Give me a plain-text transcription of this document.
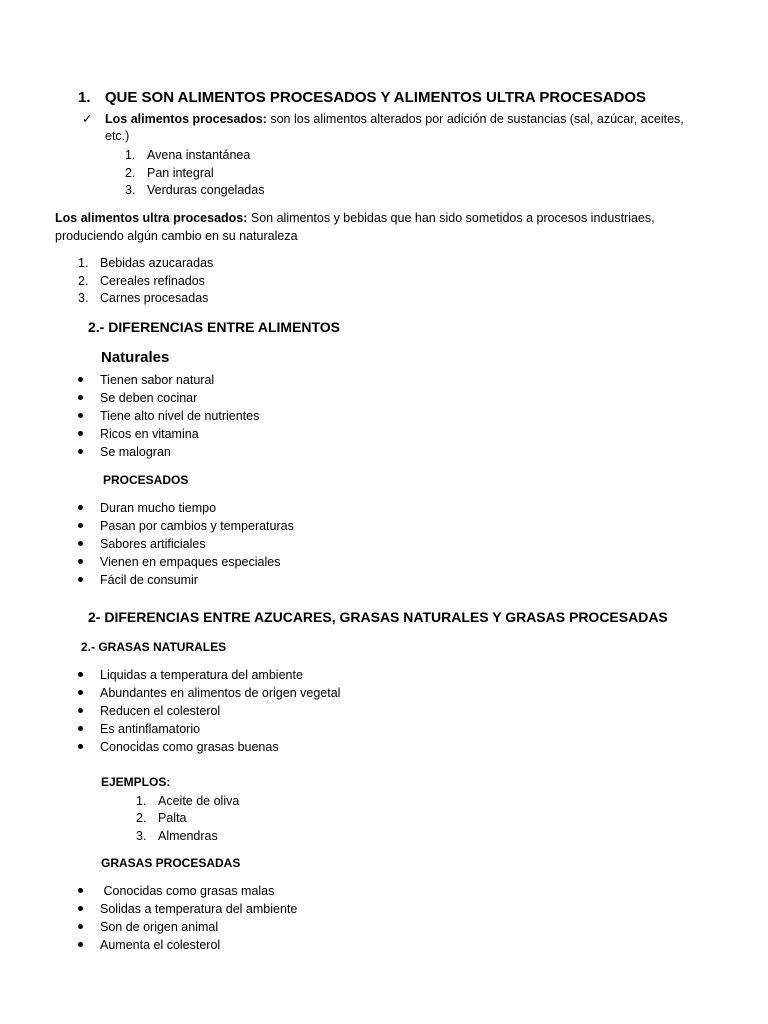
1. QUE SON ALIMENTOS PROCESADOS Y ALIMENTOS ULTRA PROCESADOS
✓ Los alimentos procesados: son los alimentos alterados por adición de sustancias (sal, azúcar, aceites,
etc.)
1. Avena instantánea
2. Pan integral
3. Verduras congeladas
Los alimentos ultra procesados: Son alimentos y bebidas que han sido sometidos a procesos industriaes,
produciendo algún cambio en su naturaleza
1. Bebidas azucaradas
2. Cereales refinados
3. Carnes procesadas
2.- DIFERENCIAS ENTRE ALIMENTOS
Naturales
Tienen sabor natural
Se deben cocinar
Tiene alto nivel de nutrientes
Ricos en vitamina
Se malogran
PROCESADOS
Duran mucho tiempo
Pasan por cambios y temperaturas
Sabores artificiales
Vienen en empaques especiales
Fácil de consumir
2- DIFERENCIAS ENTRE AZUCARES, GRASAS NATURALES Y GRASAS PROCESADAS
2.- GRASAS NATURALES
Liquidas a temperatura del ambiente
Abundantes en alimentos de origen vegetal
Reducen el colesterol
Es antinflamatorio
Conocidas como grasas buenas
EJEMPLOS:
1. Aceite de oliva
2. Palta
3. Almendras
GRASAS PROCESADAS
Conocidas como grasas malas
Solidas a temperatura del ambiente
Son de origen animal
Aumenta el colesterol
